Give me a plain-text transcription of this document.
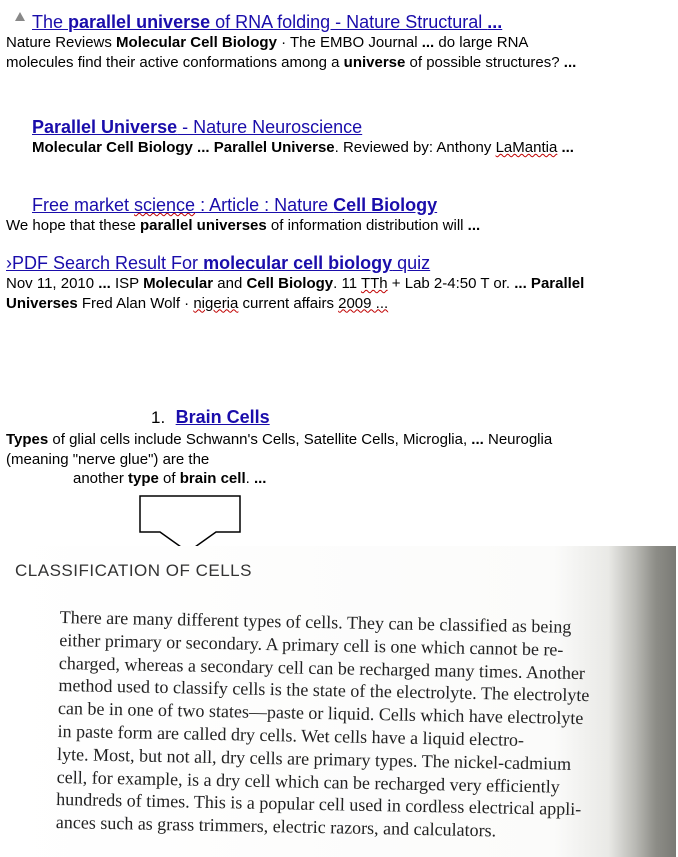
The parallel universe of RNA folding - Nature Structural ...
Nature Reviews Molecular Cell Biology · The EMBO Journal ... do large RNA
molecules find their active conformations among a universe of possible structures? ...
Parallel Universe - Nature Neuroscience
Molecular Cell Biology ... Parallel Universe. Reviewed by: Anthony LaMantia ...
Free market science : Article : Nature Cell Biology
We hope that these parallel universes of information distribution will ...
›PDF Search Result For molecular cell biology quiz
Nov 11, 2010 ... ISP Molecular and Cell Biology. 11 TTh + Lab 2-4:50 T or. ... Parallel
Universes Fred Alan Wolf · nigeria current affairs 2009 ...
1. Brain Cells
Types of glial cells include Schwann's Cells, Satellite Cells, Microglia, ... Neuroglia
(meaning "nerve glue") are the
another type of brain cell. ...
CLASSIFICATION OF CELLS
There are many different types of cells. They can be classified as being
either primary or secondary. A primary cell is one which cannot be re-
charged, whereas a secondary cell can be recharged many times. Another
method used to classify cells is the state of the electrolyte. The electrolyte
can be in one of two states—paste or liquid. Cells which have electrolyte
in paste form are called dry cells. Wet cells have a liquid electro-
lyte. Most, but not all, dry cells are primary types. The nickel-cadmium
cell, for example, is a dry cell which can be recharged very efficiently
hundreds of times. This is a popular cell used in cordless electrical appli-
ances such as grass trimmers, electric razors, and calculators.
